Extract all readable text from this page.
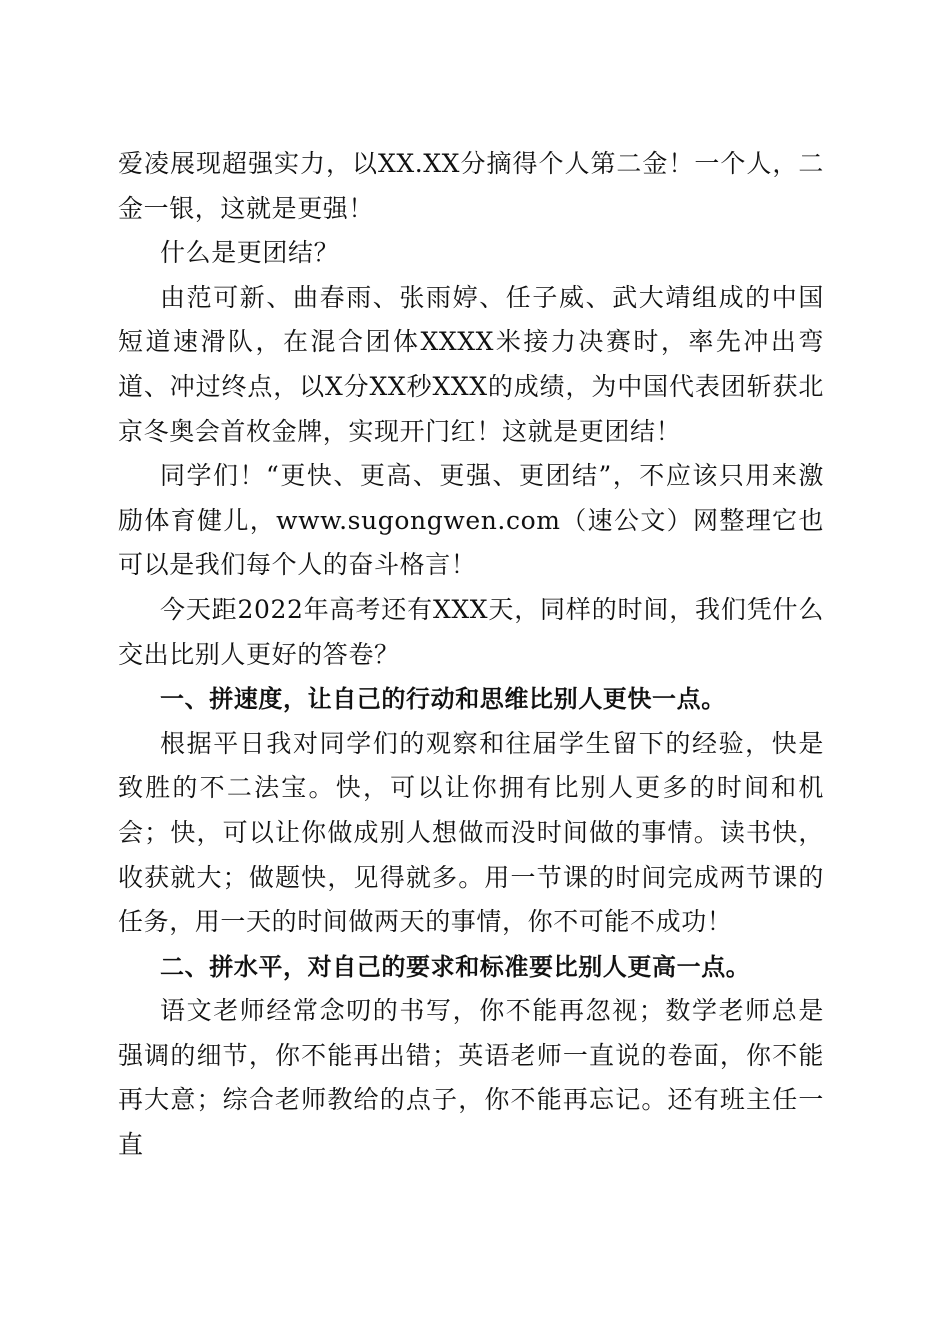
爱凌展现超强实力，以XX.XX分摘得个人第二金！一个人，二金一银，这就是更强！

什么是更团结？

由范可新、曲春雨、张雨婷、任子威、武大靖组成的中国短道速滑队，在混合团体XXXX米接力决赛时，率先冲出弯道、冲过终点，以X分XX秒XXX的成绩，为中国代表团斩获北京冬奥会首枚金牌，实现开门红！这就是更团结！

同学们！“更快、更高、更强、更团结”，不应该只用来激励体育健儿，www.sugongwen.com（速公文）网整理它也可以是我们每个人的奋斗格言！

今天距2022年高考还有XXX天，同样的时间，我们凭什么交出比别人更好的答卷？

一、拼速度，让自己的行动和思维比别人更快一点。

根据平日我对同学们的观察和往届学生留下的经验，快是致胜的不二法宝。快，可以让你拥有比别人更多的时间和机会；快，可以让你做成别人想做而没时间做的事情。读书快，收获就大；做题快，见得就多。用一节课的时间完成两节课的任务，用一天的时间做两天的事情，你不可能不成功！

二、拼水平，对自己的要求和标准要比别人更高一点。

语文老师经常念叨的书写，你不能再忽视；数学老师总是强调的细节，你不能再出错；英语老师一直说的卷面，你不能再大意；综合老师教给的点子，你不能再忘记。还有班主任一直
